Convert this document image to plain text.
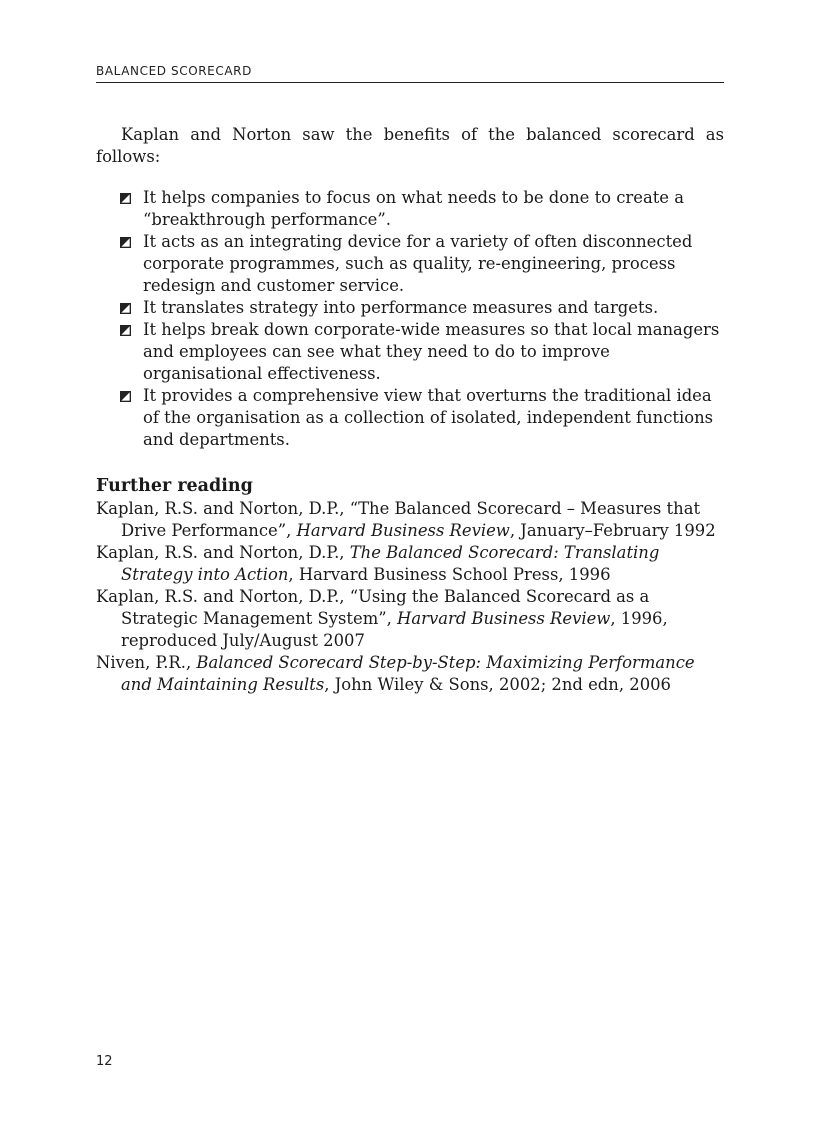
BALANCED SCORECARD

Kaplan and Norton saw the benefits of the balanced scorecard as follows:

It helps companies to focus on what needs to be done to create a “breakthrough performance”.
It acts as an integrating device for a variety of often disconnected corporate programmes, such as quality, re-engineering, process redesign and customer service.
It translates strategy into performance measures and targets.
It helps break down corporate-wide measures so that local managers and employees can see what they need to do to improve organisational effectiveness.
It provides a comprehensive view that overturns the traditional idea of the organisation as a collection of isolated, independent functions and departments.
Further reading

Kaplan, R.S. and Norton, D.P., “The Balanced Scorecard – Measures that Drive Performance”, Harvard Business Review, January–February 1992

Kaplan, R.S. and Norton, D.P., The Balanced Scorecard: Translating Strategy into Action, Harvard Business School Press, 1996

Kaplan, R.S. and Norton, D.P., “Using the Balanced Scorecard as a Strategic Management System”, Harvard Business Review, 1996, reproduced July/August 2007

Niven, P.R., Balanced Scorecard Step-by-Step: Maximizing Performance and Maintaining Results, John Wiley & Sons, 2002; 2nd edn, 2006

12
